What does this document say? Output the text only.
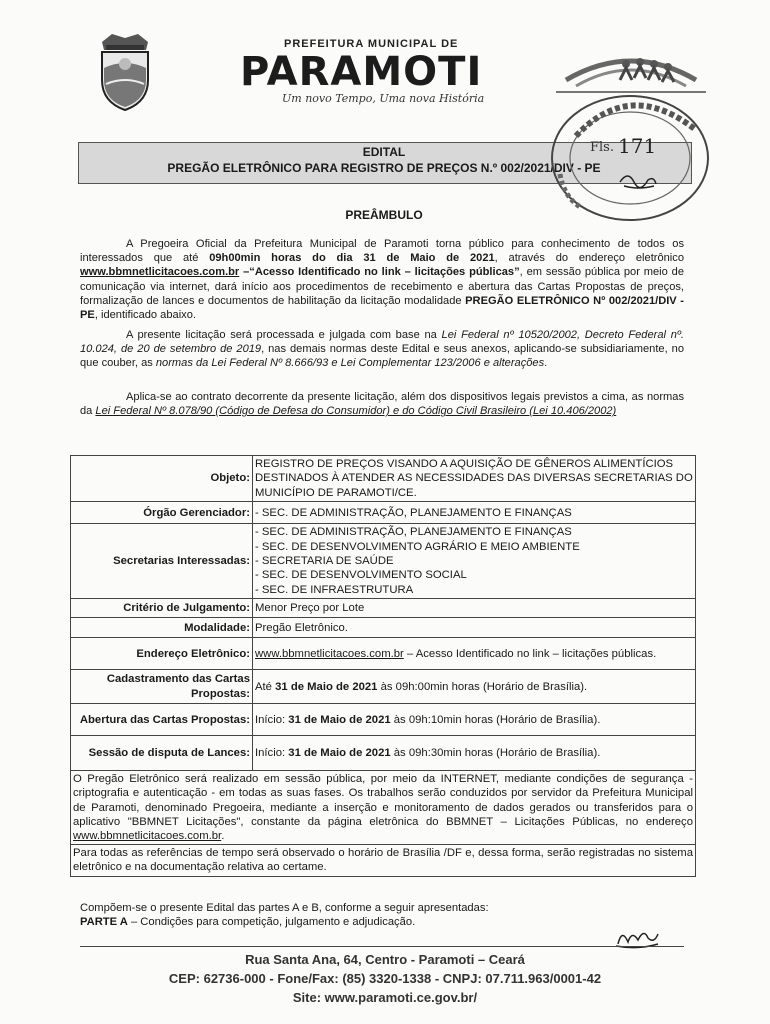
PREFEITURA MUNICIPAL DE
PARAMOTI
Um novo Tempo, Uma nova História
EDITAL
PREGÃO ELETRÔNICO PARA REGISTRO DE PREÇOS N.º 002/2021/DIV - PE
Fls. 171
PREÂMBULO

A Pregoeira Oficial da Prefeitura Municipal de Paramoti torna público para conhecimento de todos os interessados que até 09h00min horas do dia 31 de Maio de 2021, através do endereço eletrônico www.bbmnetlicitacoes.com.br –“Acesso Identificado no link – licitações públicas”, em sessão pública por meio de comunicação via internet, dará início aos procedimentos de recebimento e abertura das Cartas Propostas de preços, formalização de lances e documentos de habilitação da licitação modalidade PREGÃO ELETRÔNICO Nº 002/2021/DIV - PE, identificado abaixo.

A presente licitação será processada e julgada com base na Lei Federal nº 10520/2002, Decreto Federal nº. 10.024, de 20 de setembro de 2019, nas demais normas deste Edital e seus anexos, aplicando-se subsidiariamente, no que couber, as normas da Lei Federal Nº 8.666/93 e Lei Complementar 123/2006 e alterações.

Aplica-se ao contrato decorrente da presente licitação, além dos dispositivos legais previstos a cima, as normas da Lei Federal Nº 8.078/90 (Código de Defesa do Consumidor) e do Código Civil Brasileiro (Lei 10.406/2002)

Objeto:	REGISTRO DE PREÇOS VISANDO A AQUISIÇÃO DE GÊNEROS ALIMENTÍCIOS DESTINADOS À ATENDER AS NECESSIDADES DAS DIVERSAS SECRETARIAS DO MUNICÍPIO DE PARAMOTI/CE.
Órgão Gerenciador:	- SEC. DE ADMINISTRAÇÃO, PLANEJAMENTO E FINANÇAS
Secretarias Interessadas:	- SEC. DE ADMINISTRAÇÃO, PLANEJAMENTO E FINANÇAS
- SEC. DE DESENVOLVIMENTO AGRÁRIO E MEIO AMBIENTE
- SECRETARIA DE SAÚDE
- SEC. DE DESENVOLVIMENTO SOCIAL
- SEC. DE INFRAESTRUTURA

Critério de Julgamento:	Menor Preço por Lote
Modalidade:	Pregão Eletrônico.
Endereço Eletrônico:	www.bbmnetlicitacoes.com.br – Acesso Identificado no link – licitações públicas.
Cadastramento das Cartas Propostas:	Até 31 de Maio de 2021 às 09h:00min horas (Horário de Brasília).
Abertura das Cartas Propostas:	Início: 31 de Maio de 2021 às 09h:10min horas (Horário de Brasília).
Sessão de disputa de Lances:	Início: 31 de Maio de 2021 às 09h:30min horas (Horário de Brasília).
O Pregão Eletrônico será realizado em sessão pública, por meio da INTERNET, mediante condições de segurança - criptografia e autenticação - em todas as suas fases. Os trabalhos serão conduzidos por servidor da Prefeitura Municipal de Paramoti, denominado Pregoeira, mediante a inserção e monitoramento de dados gerados ou transferidos para o aplicativo "BBMNET Licitações", constante da página eletrônica do BBMNET – Licitações Públicas, no endereço www.bbmnetlicitacoes.com.br.	
Para todas as referências de tempo será observado o horário de Brasília /DF e, dessa forma, serão registradas no sistema eletrônico e na documentação relativa ao certame.	

Compõem-se o presente Edital das partes A e B, conforme a seguir apresentadas:

PARTE A – Condições para competição, julgamento e adjudicação.

Rua Santa Ana, 64, Centro - Paramoti – Ceará
CEP: 62736-000 - Fone/Fax: (85) 3320-1338 - CNPJ: 07.711.963/0001-42
Site: www.paramoti.ce.gov.br/
